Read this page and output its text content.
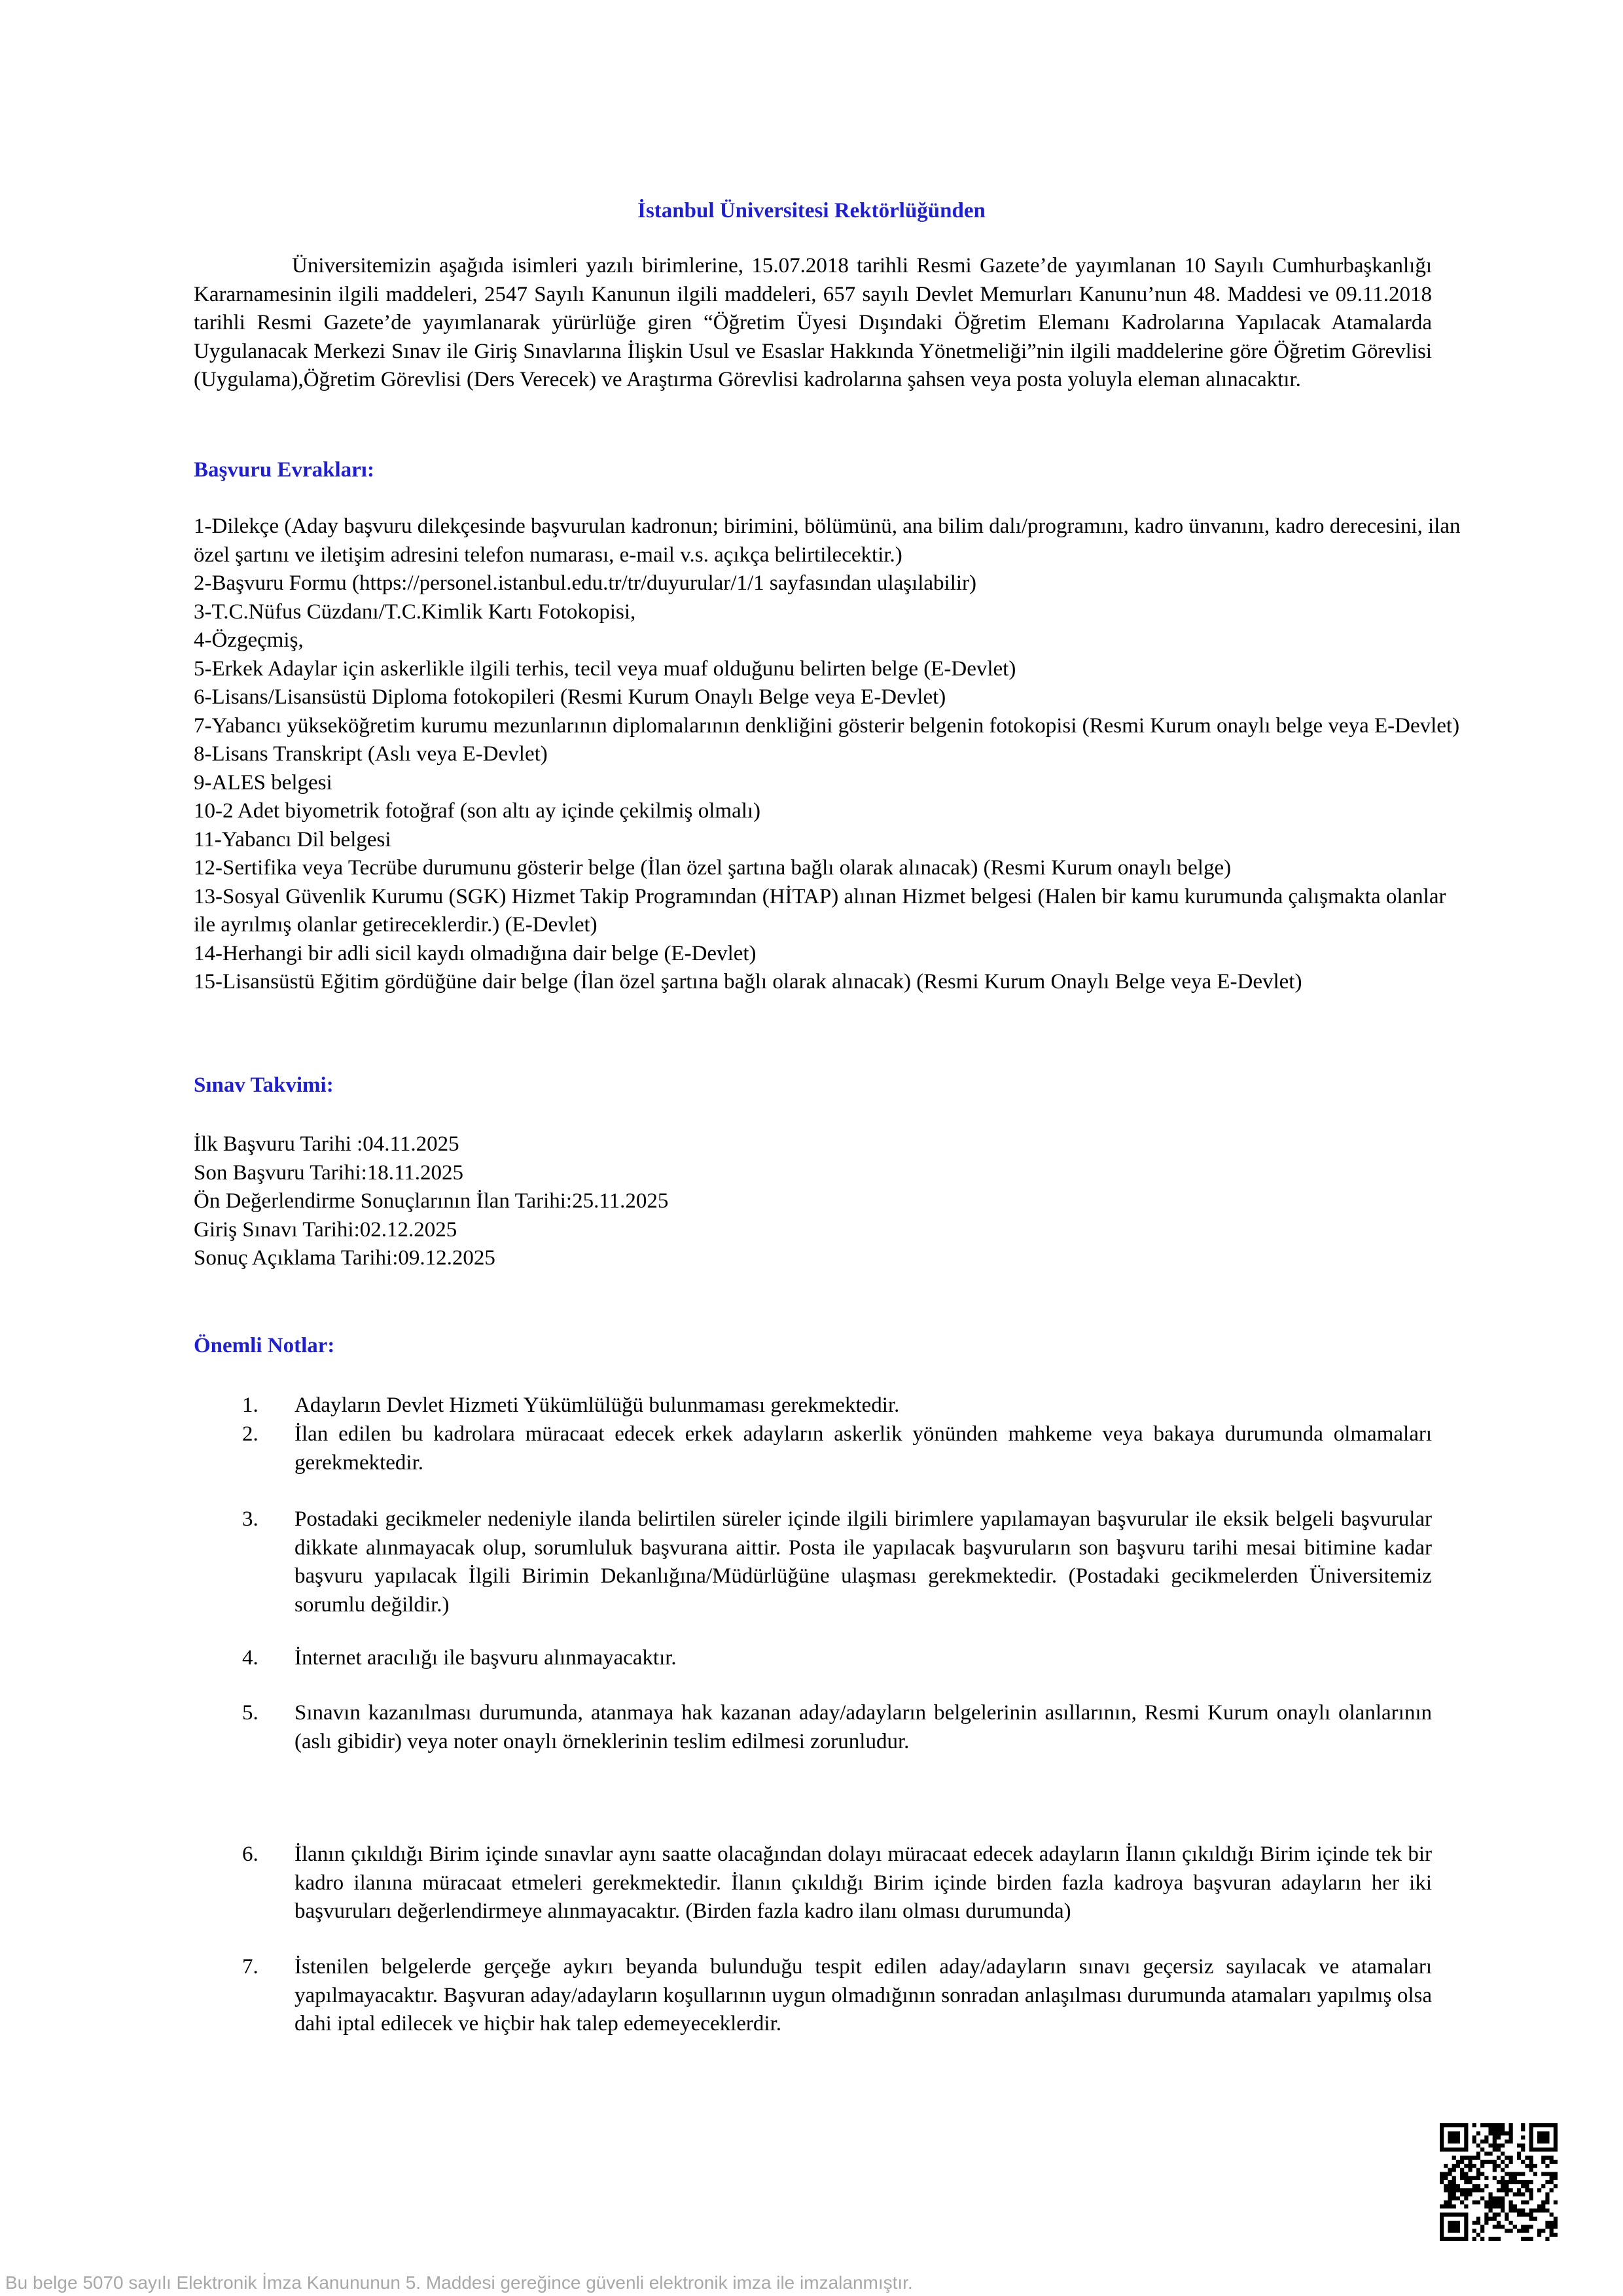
İstanbul Üniversitesi Rektörlüğünden
Üniversitemizin aşağıda isimleri yazılı birimlerine, 15.07.2018 tarihli Resmi Gazete’de yayımlanan 10 Sayılı Cumhurbaşkanlığı Kararnamesinin ilgili maddeleri, 2547 Sayılı Kanunun ilgili maddeleri, 657 sayılı Devlet Memurları Kanunu’nun 48. Maddesi ve 09.11.2018 tarihli Resmi Gazete’de yayımlanarak yürürlüğe giren “Öğretim Üyesi Dışındaki Öğretim Elemanı Kadrolarına Yapılacak Atamalarda Uygulanacak Merkezi Sınav ile Giriş Sınavlarına İlişkin Usul ve Esaslar Hakkında Yönetmeliği”nin ilgili maddelerine göre Öğretim Görevlisi (Uygulama),Öğretim Görevlisi (Ders Verecek) ve Araştırma Görevlisi kadrolarına şahsen veya posta yoluyla eleman alınacaktır.
Başvuru Evrakları:
1-Dilekçe (Aday başvuru dilekçesinde başvurulan kadronun; birimini, bölümünü, ana bilim dalı/programını, kadro ünvanını, kadro derecesini, ilan özel şartını ve iletişim adresini telefon numarası, e-mail v.s. açıkça belirtilecektir.)
2-Başvuru Formu (https://personel.istanbul.edu.tr/tr/duyurular/1/1 sayfasından ulaşılabilir)
3-T.C.Nüfus Cüzdanı/T.C.Kimlik Kartı Fotokopisi,
4-Özgeçmiş,
5-Erkek Adaylar için askerlikle ilgili terhis, tecil veya muaf olduğunu belirten belge (E-Devlet)
6-Lisans/Lisansüstü Diploma fotokopileri (Resmi Kurum Onaylı Belge veya E-Devlet)
7-Yabancı yükseköğretim kurumu mezunlarının diplomalarının denkliğini gösterir belgenin fotokopisi (Resmi Kurum onaylı belge veya E-Devlet)
8-Lisans Transkript (Aslı veya E-Devlet)
9-ALES belgesi
10-2 Adet biyometrik fotoğraf (son altı ay içinde çekilmiş olmalı)
11-Yabancı Dil belgesi
12-Sertifika veya Tecrübe durumunu gösterir belge (İlan özel şartına bağlı olarak alınacak) (Resmi Kurum onaylı belge)
13-Sosyal Güvenlik Kurumu (SGK) Hizmet Takip Programından (HİTAP) alınan Hizmet belgesi (Halen bir kamu kurumunda çalışmakta olanlar ile ayrılmış olanlar getireceklerdir.) (E-Devlet)
14-Herhangi bir adli sicil kaydı olmadığına dair belge (E-Devlet)
15-Lisansüstü Eğitim gördüğüne dair belge (İlan özel şartına bağlı olarak alınacak) (Resmi Kurum Onaylı Belge veya E-Devlet)
Sınav Takvimi:
İlk Başvuru Tarihi :04.11.2025
Son Başvuru Tarihi:18.11.2025
Ön Değerlendirme Sonuçlarının İlan Tarihi:25.11.2025
Giriş Sınavı Tarihi:02.12.2025
Sonuç Açıklama Tarihi:09.12.2025
Önemli Notlar:
1.	Adayların Devlet Hizmeti Yükümlülüğü bulunmaması gerekmektedir.
2.	İlan edilen bu kadrolara müracaat edecek erkek adayların askerlik yönünden mahkeme veya bakaya durumunda olmamaları gerekmektedir.
3.	Postadaki gecikmeler nedeniyle ilanda belirtilen süreler içinde ilgili birimlere yapılamayan başvurular ile eksik belgeli başvurular dikkate alınmayacak olup, sorumluluk başvurana aittir. Posta ile yapılacak başvuruların son başvuru tarihi mesai bitimine kadar başvuru yapılacak İlgili Birimin Dekanlığına/Müdürlüğüne ulaşması gerekmektedir. (Postadaki gecikmelerden Üniversitemiz sorumlu değildir.)
4.	İnternet aracılığı ile başvuru alınmayacaktır.
5.	Sınavın kazanılması durumunda, atanmaya hak kazanan aday/adayların belgelerinin asıllarının, Resmi Kurum onaylı olanlarının (aslı gibidir) veya noter onaylı örneklerinin teslim edilmesi zorunludur.
6.	İlanın çıkıldığı Birim içinde sınavlar aynı saatte olacağından dolayı müracaat edecek adayların İlanın çıkıldığı Birim içinde tek bir kadro ilanına müracaat etmeleri gerekmektedir. İlanın çıkıldığı Birim içinde birden fazla kadroya başvuran adayların her iki başvuruları değerlendirmeye alınmayacaktır. (Birden fazla kadro ilanı olması durumunda)
7.	İstenilen belgelerde gerçeğe aykırı beyanda bulunduğu tespit edilen aday/adayların sınavı geçersiz sayılacak ve atamaları yapılmayacaktır. Başvuran aday/adayların koşullarının uygun olmadığının sonradan anlaşılması durumunda atamaları yapılmış olsa dahi iptal edilecek ve hiçbir hak talep edemeyeceklerdir.
Bu belge 5070 sayılı Elektronik İmza Kanununun 5. Maddesi gereğince güvenli elektronik imza ile imzalanmıştır.
